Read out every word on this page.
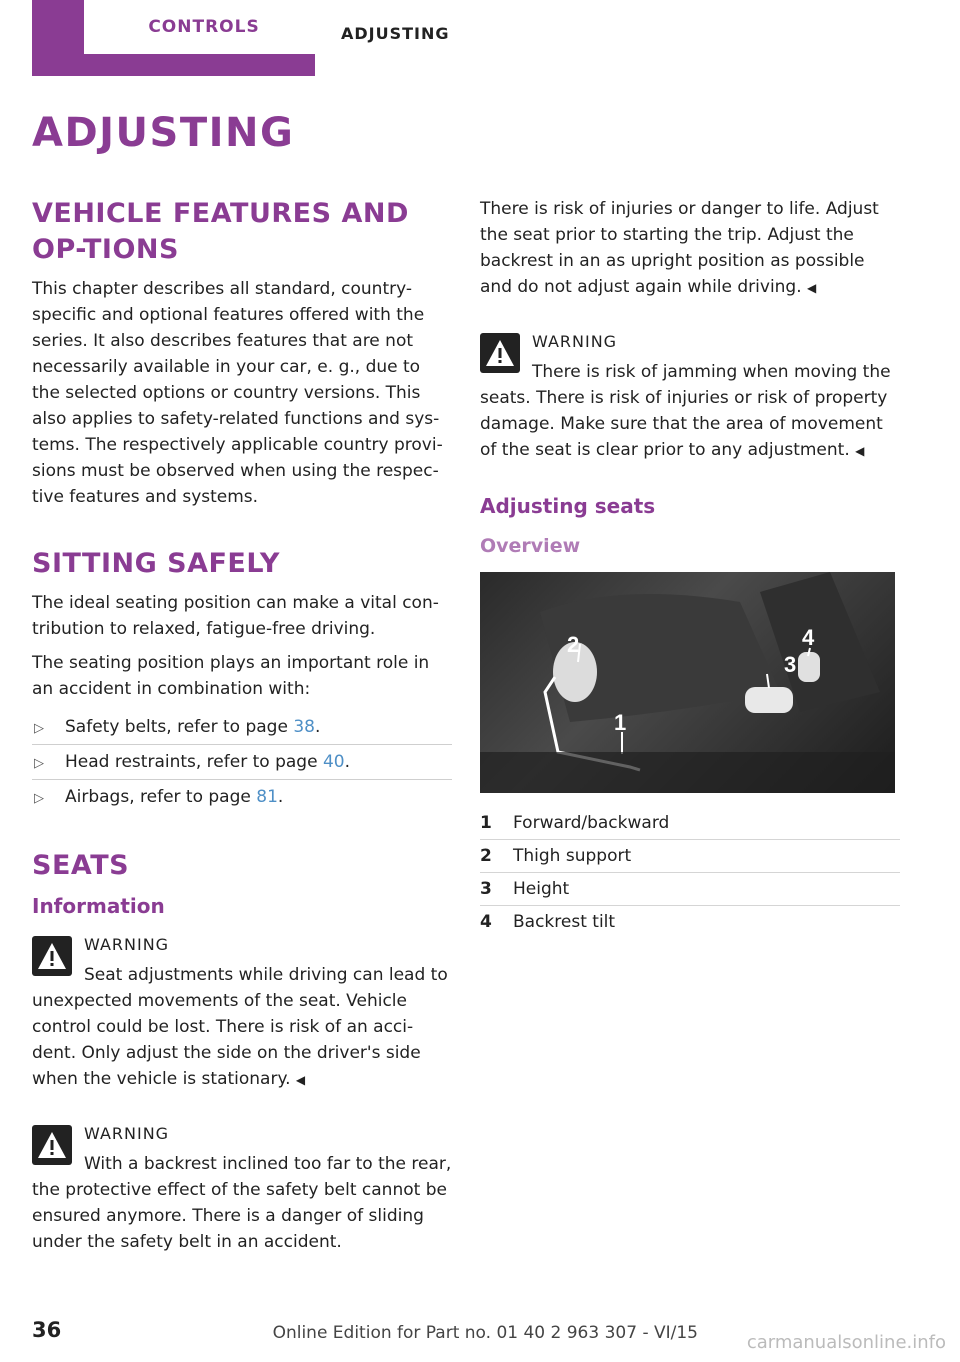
CONTROLS	ADJUSTING
ADJUSTING
VEHICLE FEATURES AND OP-TIONS

This chapter describes all standard, country-specific and optional features offered with the series. It also describes features that are not necessarily available in your car, e. g., due to the selected options or country versions. This also applies to safety-related functions and sys-tems. The respectively applicable country provi-sions must be observed when using the respec-tive features and systems.

SITTING SAFELY

The ideal seating position can make a vital con-tribution to relaxed, fatigue-free driving.

The seating position plays an important role in an accident in combination with:

▷ Safety belts, refer to page 38.
▷ Head restraints, refer to page 40.
▷ Airbags, refer to page 81.
SEATS
Information

WARNING

Seat adjustments while driving can lead to unexpected movements of the seat. Vehicle control could be lost. There is risk of an acci-dent. Only adjust the side on the driver's side when the vehicle is stationary. ◀

WARNING

With a backrest inclined too far to the rear, the protective effect of the safety belt cannot be ensured anymore. There is a danger of sliding under the safety belt in an accident.

There is risk of injuries or danger to life. Adjust the seat prior to starting the trip. Adjust the backrest in an as upright position as possible and do not adjust again while driving. ◀

WARNING

There is risk of jamming when moving the seats. There is risk of injuries or risk of property damage. Make sure that the area of movement of the seat is clear prior to any adjustment. ◀

Adjusting seats
Overview
1
2
3
4
1	Forward/backward
2	Thigh support
3	Height
4	Backrest tilt
36	Online Edition for Part no. 01 40 2 963 307 - VI/15	carmanualsonline.info
